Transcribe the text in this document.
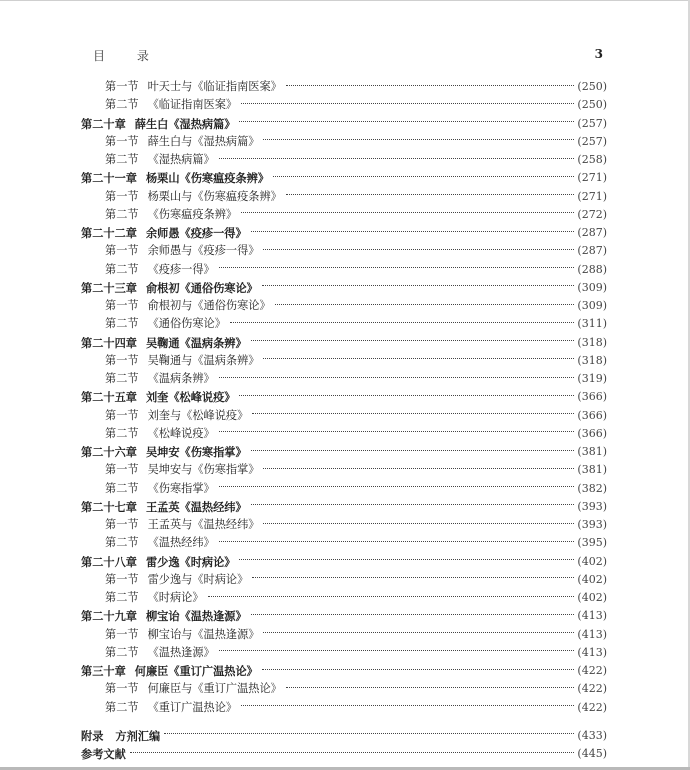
目 录	3
第一节 叶天士与《临证指南医案》	(250)
第二节 《临证指南医案》	(250)
第二十章 薛生白《湿热病篇》	(257)
第一节 薛生白与《湿热病篇》	(257)
第二节 《湿热病篇》	(258)
第二十一章 杨栗山《伤寒瘟疫条辨》	(271)
第一节 杨栗山与《伤寒瘟疫条辨》	(271)
第二节 《伤寒瘟疫条辨》	(272)
第二十二章 余师愚《疫疹一得》	(287)
第一节 余师愚与《疫疹一得》	(287)
第二节 《疫疹一得》	(288)
第二十三章 俞根初《通俗伤寒论》	(309)
第一节 俞根初与《通俗伤寒论》	(309)
第二节 《通俗伤寒论》	(311)
第二十四章 吴鞠通《温病条辨》	(318)
第一节 吴鞠通与《温病条辨》	(318)
第二节 《温病条辨》	(319)
第二十五章 刘奎《松峰说疫》	(366)
第一节 刘奎与《松峰说疫》	(366)
第二节 《松峰说疫》	(366)
第二十六章 吴坤安《伤寒指掌》	(381)
第一节 吴坤安与《伤寒指掌》	(381)
第二节 《伤寒指掌》	(382)
第二十七章 王孟英《温热经纬》	(393)
第一节 王孟英与《温热经纬》	(393)
第二节 《温热经纬》	(395)
第二十八章 雷少逸《时病论》	(402)
第一节 雷少逸与《时病论》	(402)
第二节 《时病论》	(402)
第二十九章 柳宝诒《温热逢源》	(413)
第一节 柳宝诒与《温热逢源》	(413)
第二节 《温热逢源》	(413)
第三十章 何廉臣《重订广温热论》	(422)
第一节 何廉臣与《重订广温热论》	(422)
第二节 《重订广温热论》	(422)
附录 方剂汇编	(433)
参考文献	(445)
